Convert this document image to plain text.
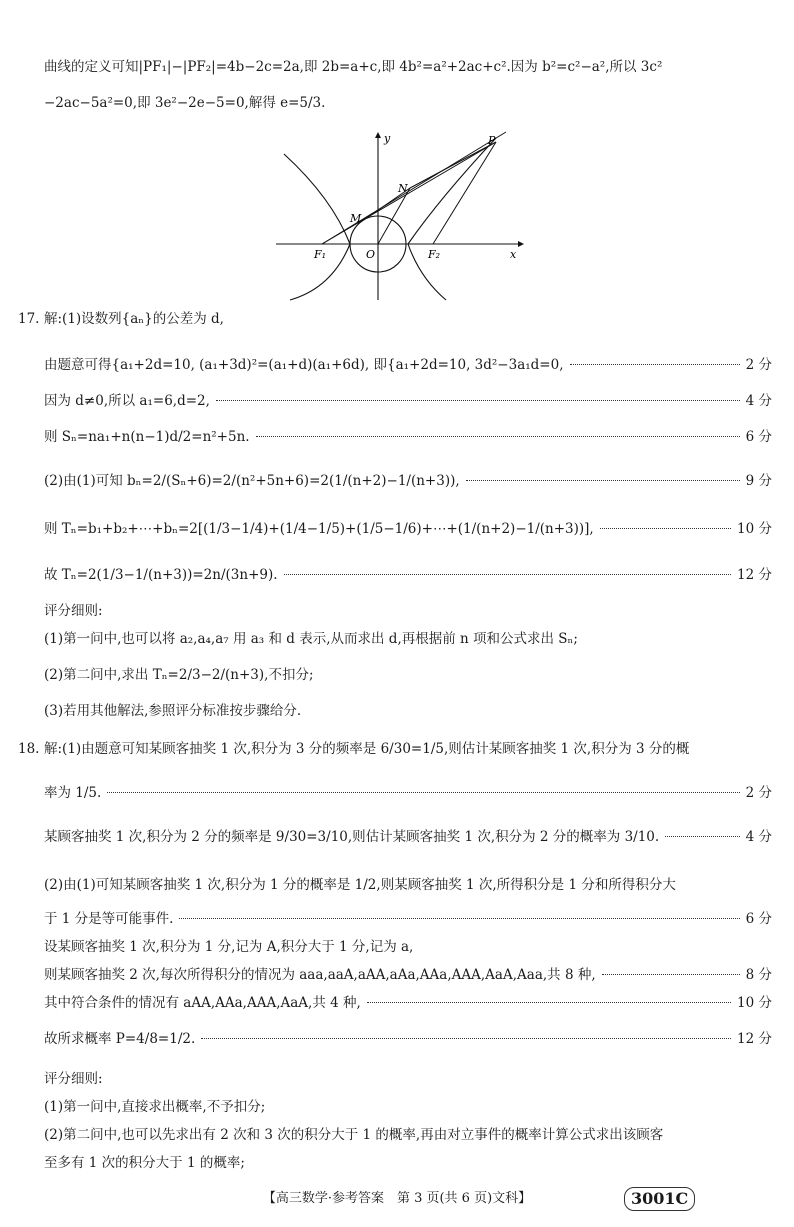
曲线的定义可知|PF₁|−|PF₂|=4b−2c=2a,即 2b=a+c,即 4b²=a²+2ac+c².因为 b²=c²−a²,所以 3c²
−2ac−5a²=0,即 3e²−2e−5=0,解得 e=5/3.
y
x
P
N
M
F₁	O	F₂
17. 解:(1)设数列{aₙ}的公差为 d,
由题意可得{a₁+2d=10, (a₁+3d)²=(a₁+d)(a₁+6d), 即{a₁+2d=10, 3d²−3a₁d=0,	2 分
因为 d≠0,所以 a₁=6,d=2,	4 分
则 Sₙ=na₁+n(n−1)d/2=n²+5n.	6 分
(2)由(1)可知 bₙ=2/(Sₙ+6)=2/(n²+5n+6)=2(1/(n+2)−1/(n+3)),	9 分
则 Tₙ=b₁+b₂+⋯+bₙ=2[(1/3−1/4)+(1/4−1/5)+(1/5−1/6)+⋯+(1/(n+2)−1/(n+3))],	10 分
故 Tₙ=2(1/3−1/(n+3))=2n/(3n+9).	12 分
评分细则:
(1)第一问中,也可以将 a₂,a₄,a₇ 用 a₃ 和 d 表示,从而求出 d,再根据前 n 项和公式求出 Sₙ;
(2)第二问中,求出 Tₙ=2/3−2/(n+3),不扣分;
(3)若用其他解法,参照评分标准按步骤给分.
18. 解:(1)由题意可知某顾客抽奖 1 次,积分为 3 分的频率是 6/30=1/5,则估计某顾客抽奖 1 次,积分为 3 分的概
率为 1/5.	2 分
某顾客抽奖 1 次,积分为 2 分的频率是 9/30=3/10,则估计某顾客抽奖 1 次,积分为 2 分的概率为 3/10.	4 分
(2)由(1)可知某顾客抽奖 1 次,积分为 1 分的概率是 1/2,则某顾客抽奖 1 次,所得积分是 1 分和所得积分大
于 1 分是等可能事件.	6 分
设某顾客抽奖 1 次,积分为 1 分,记为 A,积分大于 1 分,记为 a,
则某顾客抽奖 2 次,每次所得积分的情况为 aaa,aaA,aAA,aAa,AAa,AAA,AaA,Aaa,共 8 种,	8 分
其中符合条件的情况有 aAA,AAa,AAA,AaA,共 4 种,	10 分
故所求概率 P=4/8=1/2.	12 分
评分细则:
(1)第一问中,直接求出概率,不予扣分;
(2)第二问中,也可以先求出有 2 次和 3 次的积分大于 1 的概率,再由对立事件的概率计算公式求出该顾客
至多有 1 次的积分大于 1 的概率;
【高三数学·参考答案　第 3 页(共 6 页)文科】	3001C
